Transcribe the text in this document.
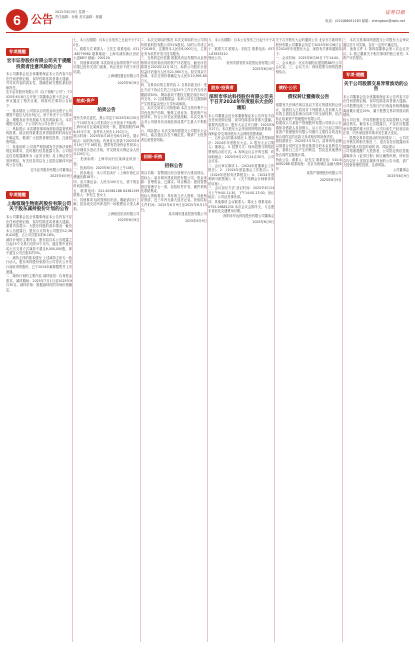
6 公告
2025年6月9日 星期一
责任编辑：孙敏 美术编辑：林璐
证券日报
电话：(010)68091283 邮箱：zhengban@zqrb.net
专项提醒
宏丰证券股份有限公司关于提醒投资者注意风险的公告
本公司董事会及全体董事保证本公告内容不存在任何虚假记载、误导性陈述或者重大遗漏，并对其内容的真实性、准确性和完整性承担法律责任。
宏丰证券股份有限公司（以下简称“公司”）于2025年6月8日召开第三届董事会第十次会议，审议通过了相关议案，现将有关事项公告如下：
一、基本情况 公司拟以自有资金向全资子公司增资不超过人民币5亿元，用于补充子公司资本金，增强其业务发展能力及抗风险能力。本次增资完成后，子公司仍为公司全资子公司。
二、风险提示 本次增资事项尚需取得监管机构的批准，能否获得批准及获得批准的时间存在不确定性，敬请广大投资者理性投资，注意投资风险。
三、其他说明 公司将严格按照有关法律法规的规定和要求，及时履行信息披露义务。公司指定信息披露媒体为《证券日报》及上海证券交易所网站，有关信息均以在上述指定媒体刊登的公告为准。
宏丰证券股份有限公司董事会
2025年6月9日
专项提醒
上海恒瑞生物医药股份有限公司关于股东减持股份计划的公告
本公司董事会及全体董事保证本公告内容不存在任何虚假记载、误导性陈述或者重大遗漏。重要内容提示：大股东持股的基本情况：截至本公告披露日，股东合计持有公司股份12,368,420股，占公司总股本的6.18%。
减持计划的主要内容：股东拟自本公告披露之日起15个交易日后的3个月内，通过集中竞价或大宗交易方式减持不超过6,000,000股，即不超过公司总股本的3%。
一、减持主体的基本情况 上述减持主体无一致行动人。股东所持股份来源为公司首次公开发行前取得的股份，已于2024年解除限售并上市流通。
二、减持计划的主要内容 减持原因：自身资金需求。减持期间：2025年7月1日至2025年9月30日。减持价格：根据减持时的市场价格确定。
七、本公告期限：自本公告发布之日起不少于20日。
八、联系方式 联系人：王先生 联系电话：021-68779982 联系地址：上海市浦东新区世纪大道88号 邮编：200120
九、其他事项说明 本次拟转让标的的资产评估结果已经有关部门备案，转让底价不低于评估结果。
上海城投置业有限公司
2025年6月9日
拍卖·资产
拍卖公告
受有关单位委托，我公司定于2025年6月20日上午10时在本公司拍卖厅公开拍卖下列标的：上海市闵行区某商业用房一套，建筑面积约286.45平方米，参考价人民币1,150万元。
展示时间：2025年6月16日至6月19日。展示地点：标的所在地。有意竞买者请于2025年6月19日下午16时前，携带有效身份证件到本公司办理竞买登记手续，并交纳竞买保证金人民币100万元。
一、拍卖标的：上海市闵行区某商业用房一套。
二、拍卖时间：2025年6月20日上午10时。
三、拍卖地点：本公司拍卖厅（上海市徐汇区漕溪北路18号）。
四、竞买保证金：人民币100万元，须于规定时间前到账。
五、联系电话：021-64381188 64381199 联系人：李先生 张女士
六、其他事项 标的按现状拍卖，瑕疵请自行了解。拍卖成交后所涉及的一切税费由买受人承担。
上海恒信拍卖有限公司
2025年6月9日
二、本次交易标的情况 本次交易标的为公司持有的某科技有限公司51%股权。标的公司成立于2016年，注册资本人民币8,000万元，主营业务为软件开发与技术服务。
三、交易的定价依据 根据具有证券期货从业资格的评估机构出具的资产评估报告，截至评估基准日2024年12月31日，标的公司股东全部权益评估值为人民币21,560万元。经交易双方协商，本次交易价格确定为人民币10,995.60万元。
四、交易协议的主要内容 1. 交易价款支付：受让方应于协议生效之日起10个工作日内支付首期款项50%，剩余款项于股权交割完成后30日内支付。2. 过渡期损益：标的公司在过渡期间产生的损益由受让方享有或承担。
五、本次交易对公司的影响 本次交易有利于公司优化资产结构，聚焦主营业务，提高资产运营效率，符合公司长远发展战略。本次交易不会对公司财务状况和经营成果产生重大不利影响。
六、风险提示 本次交易尚需提交公司股东大会审议，能否通过存在不确定性。敬请广大投资者注意投资风险。
招标·采购
招标公告
项目名称：智慧园区综合管理平台建设项目。招标人：某市城市建设投资有限公司。资金来源：自筹资金，已落实。项目概况：建设智慧园区管理平台一套，包括软件开发、硬件采购及系统集成。
投标人资格要求：具有独立法人资格，具备相应资质，近三年内无重大违法记录。获取招标文件时间：2025年6月9日至2025年6月13日。
某市城市建设投资有限公司
2025年6月9日
九、本公告期限：自本公告发布之日起不少于20日。
十、联系方式 联系人：刘先生 联系电话：0571-87653210
特此公告。
杭州市国有资本投资运营有限公司
2025年6月9日
股东·投资者
深圳市华达科技股份有限公司关于召开2024年年度股东大会的通知
本公司董事会及全体董事保证本公告内容不存在任何虚假记载、误导性陈述或者重大遗漏。重要内容提示：股东大会召开日期：2025年6月27日。本次股东大会采用的网络投票系统：深圳证券交易所股东大会网络投票系统。
一、召开会议的基本情况 1. 股东大会类型和届次：2024年年度股东大会。2. 股东大会召集人：董事会。3. 投票方式：现场投票与网络投票相结合的方式。4. 现场会议召开的日期、时间和地点：2025年6月27日14点30分，公司会议室。
二、会议审议事项 1. 《2024年度董事会工作报告》；2. 《2024年度监事会工作报告》；3. 《2024年度财务决算报告》；4. 《2024年度利润分配预案》；5. 《关于续聘会计师事务所的议案》。
三、会议登记方法 登记时间：2025年6月24日上午9:00-11:30，下午14:00-17:00。登记地点：公司证券事务部。
四、其他事项 会议联系人：陈女士 联系电话：0755-26881234 本次会议会期半天，与会股东食宿及交通费用自理。
深圳市华达科技股份有限公司董事会
2025年6月9日
关于召开股东大会的通知公告 北京东方新材料股份有限公司董事会决定于2025年6月26日召开2024年年度股东大会，现将有关事项通知如下：
一、会议时间：2025年6月26日下午14:00。二、会议地点：北京市朝阳区建国路88号公司会议室。三、会议方式：现场投票与网络投票相结合。
债权·公示
债权转让暨催收公告
根据有关法律法规以及双方签订的债权转让协议，原债权人已将其对下列借款人及担保人享有的主债权及担保合同项下的全部权利，依法转让给某资产管理股份有限公司。
原债权人与某资产管理股份有限公司联合公告通知各借款人及担保人，从公告之日起立即向某资产管理股份有限公司履行主债权合同及担保合同约定的还款义务或相应的担保责任。
债权基准日：2025年3月31日。清单所列金额以借款合同约定计算至基准日的本金及利息为准，基准日之后产生的利息、罚息及其他费用按合同约定继续计算。
特此公告。联系人：赵先生 联系电话：010-66092288 联系地址：北京市西城区金融大街8号
某资产管理股份有限公司
2025年6月9日
三、本次交易事项尚需提交公司股东大会审议通过后方可实施，存在一定的不确定性。
四、备查文件 1. 第四届董事会第八次会议决议；2. 独立董事关于相关事项的独立意见；3. 资产评估报告。
专项·提醒
关于公司股票交易异常波动的公告
本公司董事会及全体董事保证本公告内容不存在任何虚假记载、误导性陈述或者重大遗漏。公司股票连续三个交易日内日收盘价格涨幅偏离值累计超过20%，属于股票交易异常波动的情形。
经公司自查，并向控股股东及实际控制人书面函证核实，截至本公告披露日，不存在应披露而未披露的重大信息。公司目前生产经营活动正常，内外部经营环境未发生重大变化。
一、股票交易异常波动的具体情况 二、公司关注并核实的相关情况 三、是否存在应披露而未披露的重大信息的说明 四、风险提示
公司郑重提醒广大投资者，公司指定的信息披露媒体为《证券日报》和巨潮资讯网，所有信息均以在上述指定媒体刊登的公告为准，请广大投资者理性投资，注意风险。
公司董事会
2025年6月9日
